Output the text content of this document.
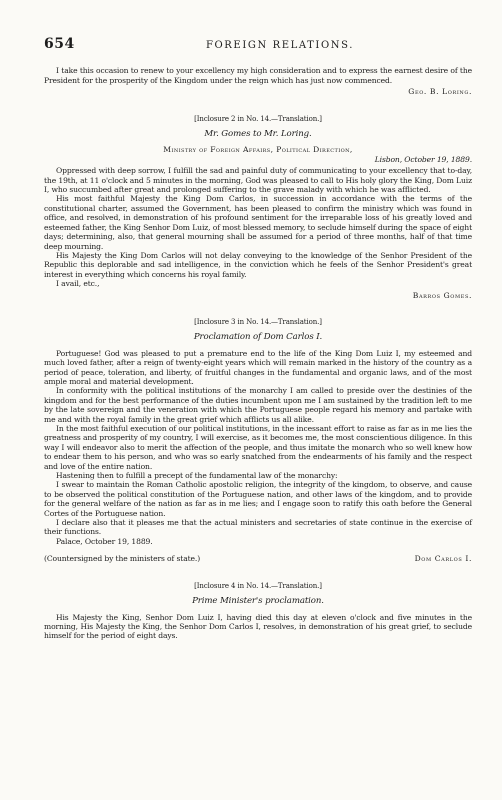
654	FOREIGN RELATIONS.

I take this occasion to renew to your excellency my high consideration and to express the earnest desire of the President for the prosperity of the Kingdom under the reign which has just now commenced.

Geo. B. Loring.
[Inclosure 2 in No. 14.—Translation.]
Mr. Gomes to Mr. Loring.
Ministry of Foreign Affairs, Political Direction,
Lisbon, October 19, 1889.

Oppressed with deep sorrow, I fulfill the sad and painful duty of communicating to your excellency that to-day, the 19th, at 11 o'clock and 5 minutes in the morning, God was pleased to call to His holy glory the King, Dom Luiz I, who succumbed after great and prolonged suffering to the grave malady with which he was afflicted.

His most faithful Majesty the King Dom Carlos, in succession in accordance with the terms of the constitutional charter, assumed the Government, has been pleased to confirm the ministry which was found in office, and resolved, in demonstration of his profound sentiment for the irreparable loss of his greatly loved and esteemed father, the King Senhor Dom Luiz, of most blessed memory, to seclude himself during the space of eight days; determining, also, that general mourning shall be assumed for a period of three months, half of that time deep mourning.

His Majesty the King Dom Carlos will not delay conveying to the knowledge of the Senhor President of the Republic this deplorable and sad intelligence, in the conviction which he feels of the Senhor President's great interest in everything which concerns his royal family.

I avail, etc.,

Barros Gomes.
[Inclosure 3 in No. 14.—Translation.]
Proclamation of Dom Carlos I.

Portuguese! God was pleased to put a premature end to the life of the King Dom Luiz I, my esteemed and much loved father, after a reign of twenty-eight years which will remain marked in the history of the country as a period of peace, toleration, and liberty, of fruitful changes in the fundamental and organic laws, and of the most ample moral and material development.

In conformity with the political institutions of the monarchy I am called to preside over the destinies of the kingdom and for the best performance of the duties incumbent upon me I am sustained by the tradition left to me by the late sovereign and the veneration with which the Portuguese people regard his memory and partake with me and with the royal family in the great grief which afflicts us all alike.

In the most faithful execution of our political institutions, in the incessant effort to raise as far as in me lies the greatness and prosperity of my country, I will exercise, as it becomes me, the most conscientious diligence. In this way I will endeavor also to merit the affection of the people, and thus imitate the monarch who so well knew how to endear them to his person, and who was so early snatched from the endearments of his family and the respect and love of the entire nation.

Hastening then to fulfill a precept of the fundamental law of the monarchy:

I swear to maintain the Roman Catholic apostolic religion, the integrity of the kingdom, to observe, and cause to be observed the political constitution of the Portuguese nation, and other laws of the kingdom, and to provide for the general welfare of the nation as far as in me lies; and I engage soon to ratify this oath before the General Cortes of the Portuguese nation.

I declare also that it pleases me that the actual ministers and secretaries of state continue in the exercise of their functions.

Palace, October 19, 1889.

(Countersigned by the ministers of state.)	Dom Carlos I.
[Inclosure 4 in No. 14.—Translation.]
Prime Minister's proclamation.

His Majesty the King, Senhor Dom Luiz I, having died this day at eleven o'clock and five minutes in the morning, His Majesty the King, the Senhor Dom Carlos I, resolves, in demonstration of his great grief, to seclude himself for the period of eight days.
